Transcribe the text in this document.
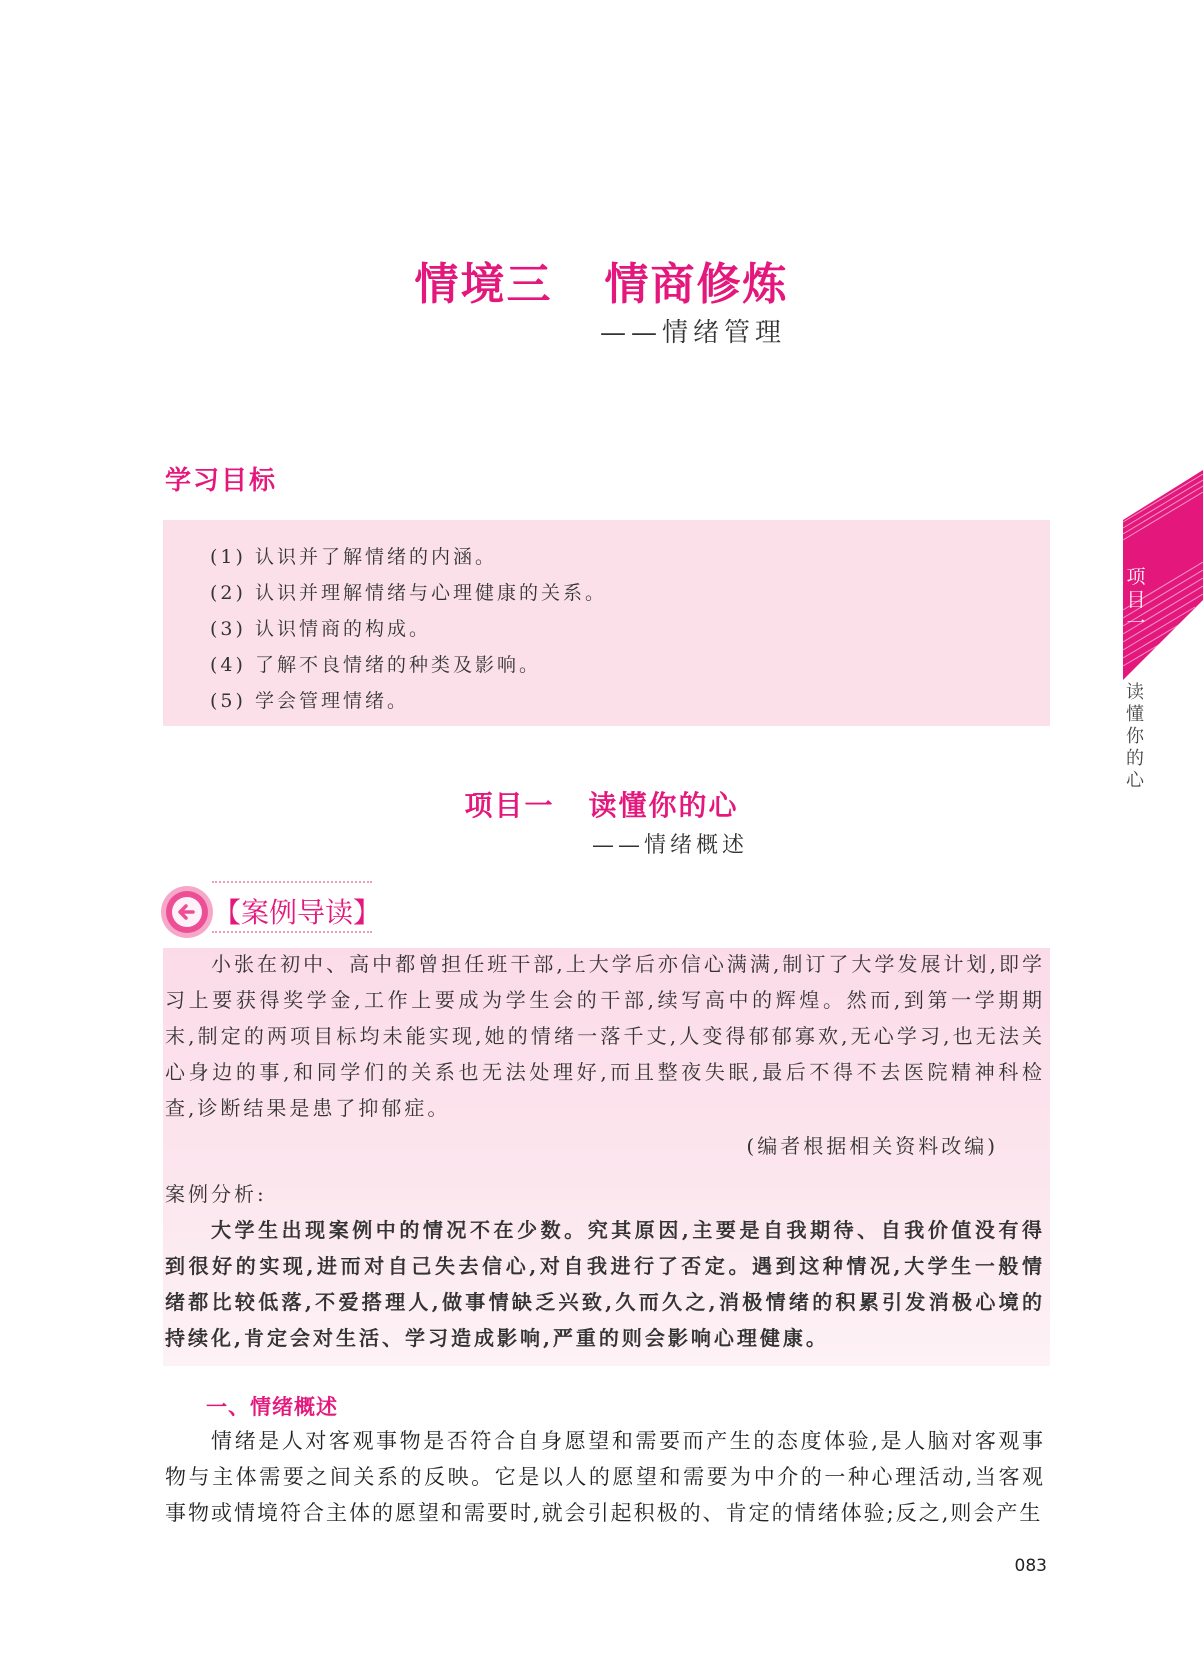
情境三 情商修炼

——情绪管理

学习目标
(1) 认识并了解情绪的内涵。
(2) 认识并理解情绪与心理健康的关系。
(3) 认识情商的构成。
(4) 了解不良情绪的种类及影响。
(5) 学会管理情绪。
项目一 读懂你的心

——情绪概述

【案例导读】

小张在初中、高中都曾担任班干部,上大学后亦信心满满,制订了大学发展计划,即学习上要获得奖学金,工作上要成为学生会的干部,续写高中的辉煌。然而,到第一学期期末,制定的两项目标均未能实现,她的情绪一落千丈,人变得郁郁寡欢,无心学习,也无法关心身边的事,和同学们的关系也无法处理好,而且整夜失眠,最后不得不去医院精神科检查,诊断结果是患了抑郁症。

(编者根据相关资料改编)

案例分析:

大学生出现案例中的情况不在少数。究其原因,主要是自我期待、自我价值没有得到很好的实现,进而对自己失去信心,对自我进行了否定。遇到这种情况,大学生一般情绪都比较低落,不爱搭理人,做事情缺乏兴致,久而久之,消极情绪的积累引发消极心境的持续化,肯定会对生活、学习造成影响,严重的则会影响心理健康。

一、情绪概述

情绪是人对客观事物是否符合自身愿望和需要而产生的态度体验,是人脑对客观事物与主体需要之间关系的反映。它是以人的愿望和需要为中介的一种心理活动,当客观事物或情境符合主体的愿望和需要时,就会引起积极的、肯定的情绪体验;反之,则会产生

083

项目一
读懂你的心
